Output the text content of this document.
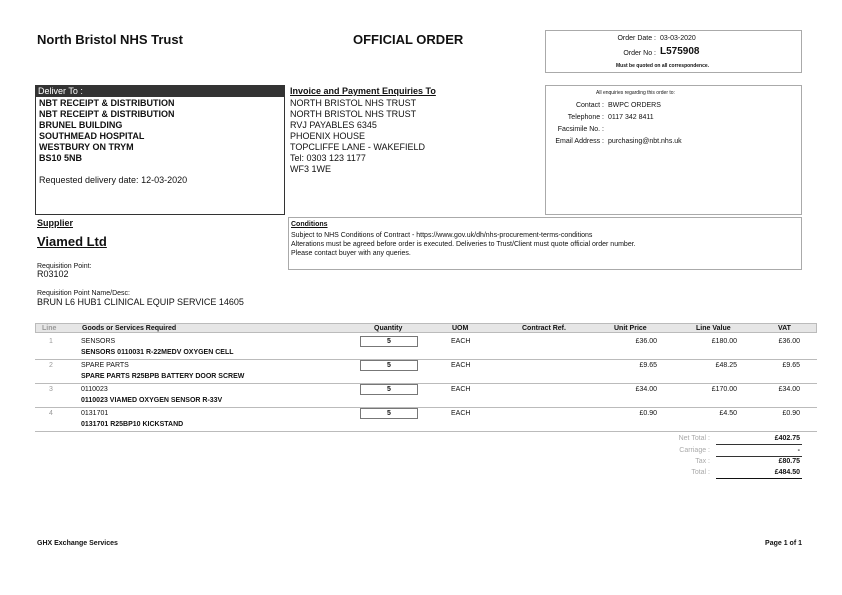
North Bristol NHS Trust	OFFICIAL ORDER	Order Date : 03-03-2020
Order No : L575908
Must be quoted on all correspondence.
Deliver To :
NBT RECEIPT & DISTRIBUTION
NBT RECEIPT & DISTRIBUTION
BRUNEL BUILDING
SOUTHMEAD HOSPITAL
WESTBURY ON TRYM
BS10 5NB
Requested delivery date: 12-03-2020
Invoice and Payment Enquiries To
NORTH BRISTOL NHS TRUST
NORTH BRISTOL NHS TRUST
RVJ PAYABLES 6345
PHOENIX HOUSE
TOPCLIFFE LANE - WAKEFIELD
Tel: 0303 123 1177
WF3 1WE
All enquiries regarding this order to:
Contact : BWPC ORDERS
Telephone : 0117 342 8411
Facsimile No. :
Email Address : purchasing@nbt.nhs.uk
Supplier
Viamed Ltd
Requisition Point:
R03102
Requisition Point Name/Desc:
BRUN L6 HUB1 CLINICAL EQUIP SERVICE 14605
Conditions
Subject to NHS Conditions of Contract - https://www.gov.uk/dh/nhs-procurement-terms-conditions
Alterations must be agreed before order is executed. Deliveries to Trust/Client must quote official order number.
Please contact buyer with any queries.
Line	Goods or Services Required	Quantity	UOM	Contract Ref.	Unit Price	Line Value	VAT
1	SENSORS
SENSORS 0110031 R-22MEDV OXYGEN CELL
5	EACH	£36.00	£180.00	£36.00
2	SPARE PARTS
SPARE PARTS R25BPB BATTERY DOOR SCREW
5	EACH	£9.65	£48.25	£9.65
3	0110023
0110023 VIAMED OXYGEN SENSOR R-33V
5	EACH	£34.00	£170.00	£34.00
4	0131701
0131701 R25BP10 KICKSTAND
5	EACH	£0.90	£4.50	£0.90
Net Total :	£402.75
Carriage :	-
Tax :	£80.75
Total :	£484.50
GHX Exchange Services	Page 1 of 1
